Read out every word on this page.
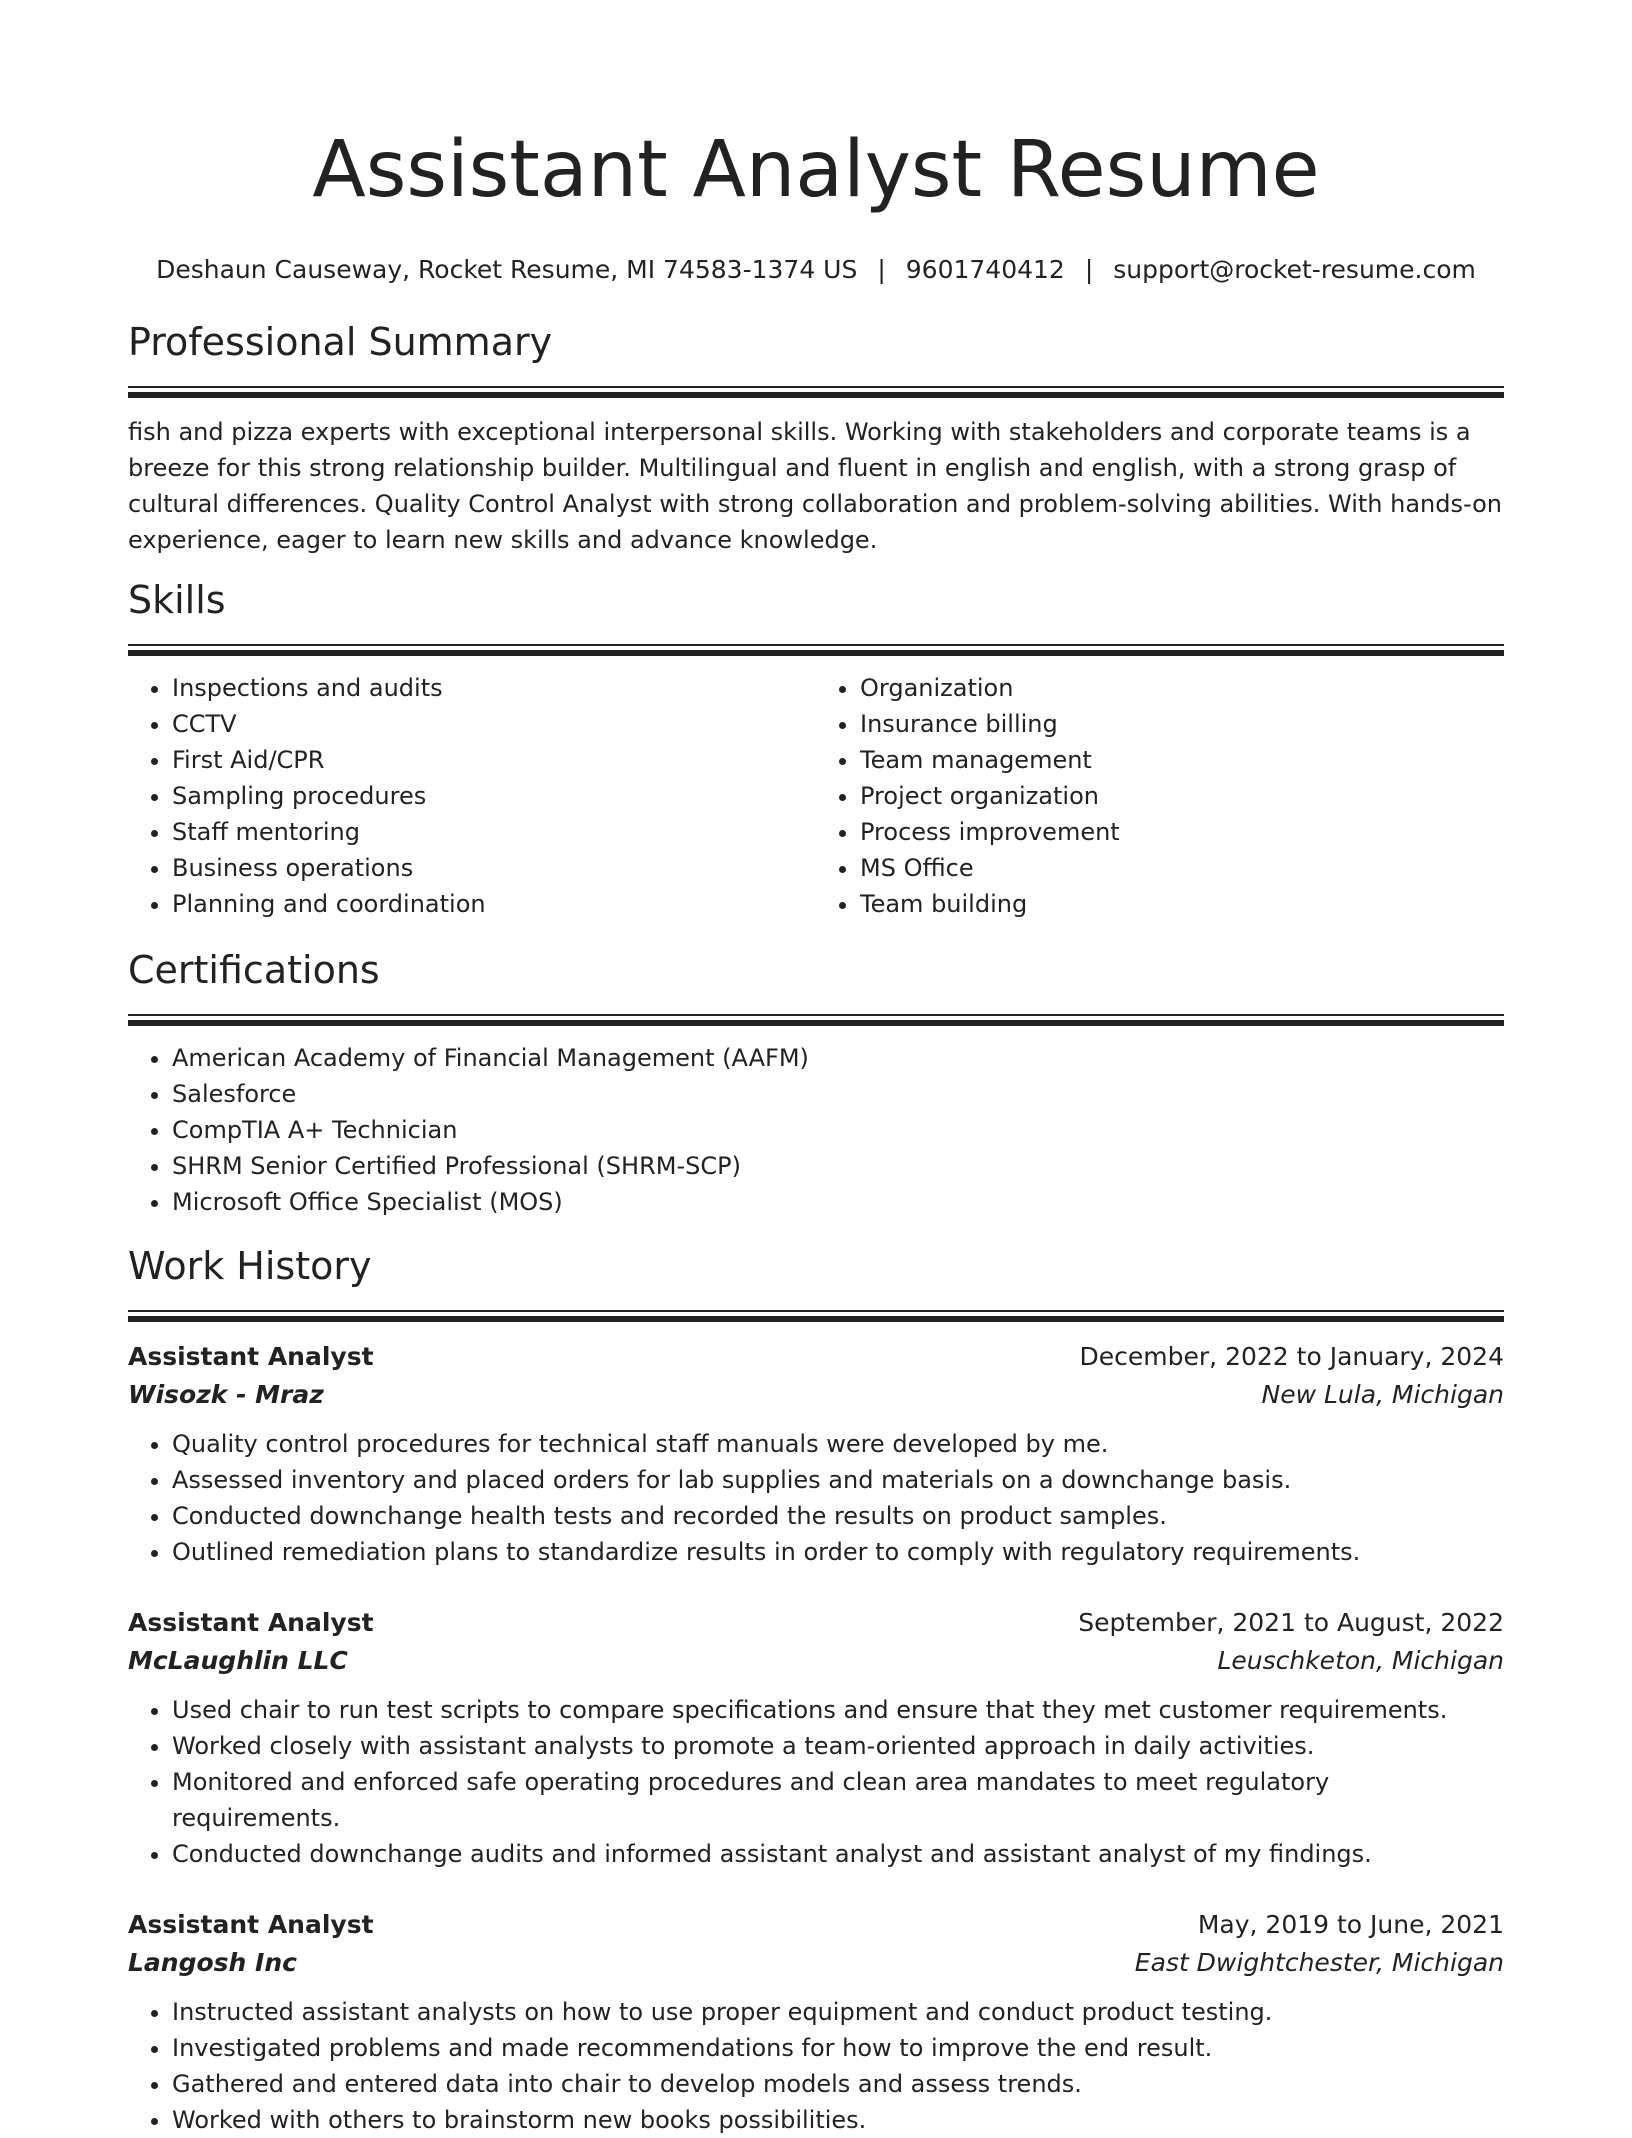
Assistant Analyst Resume
Deshaun Causeway, Rocket Resume, MI 74583-1374 US | 9601740412 | support@rocket-resume.com
Professional Summary
fish and pizza experts with exceptional interpersonal skills. Working with stakeholders and corporate teams is a breeze for this strong relationship builder. Multilingual and fluent in english and english, with a strong grasp of cultural differences. Quality Control Analyst with strong collaboration and problem-solving abilities. With hands-on experience, eager to learn new skills and advance knowledge.
Skills
• Inspections and audits
• CCTV
• First Aid/CPR
• Sampling procedures
• Staff mentoring
• Business operations
• Planning and coordination
• Organization
• Insurance billing
• Team management
• Project organization
• Process improvement
• MS Office
• Team building
Certifications
• American Academy of Financial Management (AAFM)
• Salesforce
• CompTIA A+ Technician
• SHRM Senior Certified Professional (SHRM-SCP)
• Microsoft Office Specialist (MOS)
Work History
Assistant Analyst	December, 2022 to January, 2024
Wisozk - Mraz	New Lula, Michigan
• Quality control procedures for technical staff manuals were developed by me.
• Assessed inventory and placed orders for lab supplies and materials on a downchange basis.
• Conducted downchange health tests and recorded the results on product samples.
• Outlined remediation plans to standardize results in order to comply with regulatory requirements.
Assistant Analyst	September, 2021 to August, 2022
McLaughlin LLC	Leuschketon, Michigan
• Used chair to run test scripts to compare specifications and ensure that they met customer requirements.
• Worked closely with assistant analysts to promote a team-oriented approach in daily activities.
• Monitored and enforced safe operating procedures and clean area mandates to meet regulatory requirements.
• Conducted downchange audits and informed assistant analyst and assistant analyst of my findings.
Assistant Analyst	May, 2019 to June, 2021
Langosh Inc	East Dwightchester, Michigan
• Instructed assistant analysts on how to use proper equipment and conduct product testing.
• Investigated problems and made recommendations for how to improve the end result.
• Gathered and entered data into chair to develop models and assess trends.
• Worked with others to brainstorm new books possibilities.
